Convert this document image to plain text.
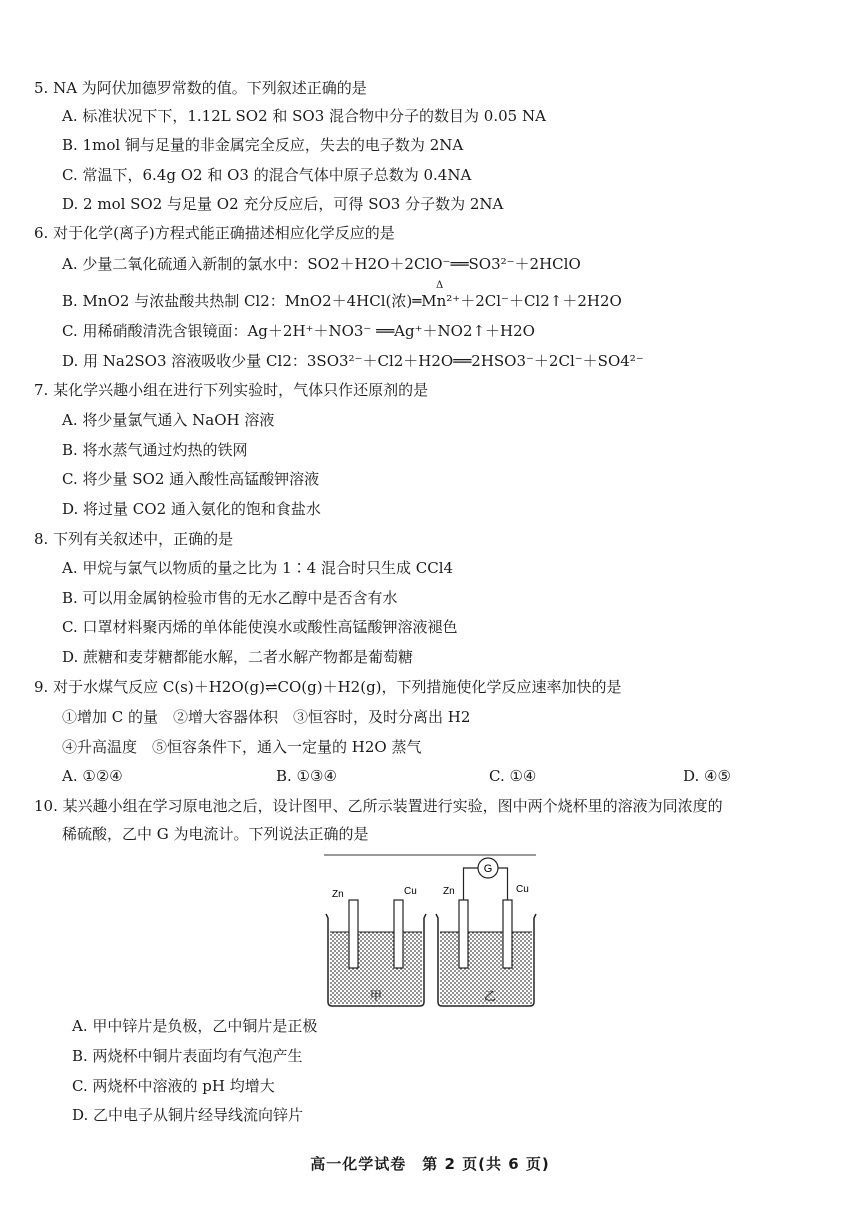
5. NA 为阿伏加德罗常数的值。下列叙述正确的是
A. 标准状况下下，1.12L SO2 和 SO3 混合物中分子的数目为 0.05 NA
B. 1mol 铜与足量的非金属完全反应，失去的电子数为 2NA
C. 常温下，6.4g O2 和 O3 的混合气体中原子总数为 0.4NA
D. 2 mol SO2 与足量 O2 充分反应后，可得 SO3 分子数为 2NA
6. 对于化学(离子)方程式能正确描述相应化学反应的是
A. 少量二氧化硫通入新制的氯水中：SO2＋H2O＋2ClO⁻══SO3²⁻＋2HClO
Δ
B. MnO2 与浓盐酸共热制 Cl2：MnO2＋4HCl(浓)═Mn²⁺＋2Cl⁻＋Cl2↑＋2H2O
C. 用稀硝酸清洗含银镜面：Ag＋2H⁺＋NO3⁻ ══Ag⁺＋NO2↑＋H2O
D. 用 Na2SO3 溶液吸收少量 Cl2：3SO3²⁻＋Cl2＋H2O══2HSO3⁻＋2Cl⁻＋SO4²⁻
7. 某化学兴趣小组在进行下列实验时，气体只作还原剂的是
A. 将少量氯气通入 NaOH 溶液
B. 将水蒸气通过灼热的铁网
C. 将少量 SO2 通入酸性高锰酸钾溶液
D. 将过量 CO2 通入氨化的饱和食盐水
8. 下列有关叙述中，正确的是
A. 甲烷与氯气以物质的量之比为 1∶4 混合时只生成 CCl4
B. 可以用金属钠检验市售的无水乙醇中是否含有水
C. 口罩材料聚丙烯的单体能使溴水或酸性高锰酸钾溶液褪色
D. 蔗糖和麦芽糖都能水解，二者水解产物都是葡萄糖
9. 对于水煤气反应 C(s)＋H2O(g)⇌CO(g)＋H2(g)，下列措施使化学反应速率加快的是
①增加 C 的量　②增大容器体积　③恒容时，及时分离出 H2
④升高温度　⑤恒容条件下，通入一定量的 H2O 蒸气
A. ①②④	B. ①③④	C. ①④	D. ④⑤
10. 某兴趣小组在学习原电池之后，设计图甲、乙所示装置进行实验，图中两个烧杯里的溶液为同浓度的
稀硫酸，乙中 G 为电流计。下列说法正确的是
Zn	Cu	Zn	Cu
G
甲	乙
A. 甲中锌片是负极，乙中铜片是正极
B. 两烧杯中铜片表面均有气泡产生
C. 两烧杯中溶液的 pH 均增大
D. 乙中电子从铜片经导线流向锌片
高一化学试卷　第 2 页(共 6 页)
